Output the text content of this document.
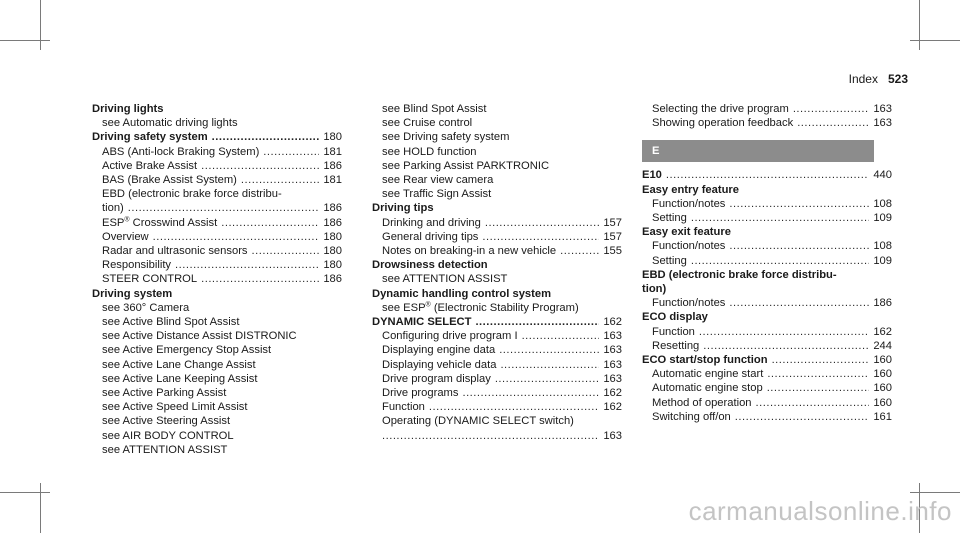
Index 523
Driving lights
see Automatic driving lights
Driving safety system .....	180
ABS (Anti-lock Braking System) .....	181
Active Brake Assist .....	186
BAS (Brake Assist System) .....	181
EBD (electronic brake force distribu-
tion) .....	186
ESP® Crosswind Assist .....	186
Overview .....	180
Radar and ultrasonic sensors .....	180
Responsibility .....	180
STEER CONTROL .....	186
Driving system
see 360° Camera
see Active Blind Spot Assist
see Active Distance Assist DISTRONIC
see Active Emergency Stop Assist
see Active Lane Change Assist
see Active Lane Keeping Assist
see Active Parking Assist
see Active Speed Limit Assist
see Active Steering Assist
see AIR BODY CONTROL
see ATTENTION ASSIST
see Blind Spot Assist
see Cruise control
see Driving safety system
see HOLD function
see Parking Assist PARKTRONIC
see Rear view camera
see Traffic Sign Assist
Driving tips
Drinking and driving .....	157
General driving tips .....	157
Notes on breaking-in a new vehicle .....	155
Drowsiness detection
see ATTENTION ASSIST
Dynamic handling control system
see ESP® (Electronic Stability Program)
DYNAMIC SELECT .....	162
Configuring drive program I .....	163
Displaying engine data .....	163
Displaying vehicle data .....	163
Drive program display .....	163
Drive programs .....	162
Function .....	162
Operating (DYNAMIC SELECT switch)
.....
163
Selecting the drive program .....	163
Showing operation feedback .....	163
E
E10 .....	440
Easy entry feature
Function/notes .....	108
Setting .....	109
Easy exit feature
Function/notes .....	108
Setting .....	109
EBD (electronic brake force distribu-
tion)
Function/notes .....	186
ECO display
Function .....	162
Resetting .....	244
ECO start/stop function .....	160
Automatic engine start .....	160
Automatic engine stop .....	160
Method of operation .....	160
Switching off/on .....	161
carmanualsonline.info
